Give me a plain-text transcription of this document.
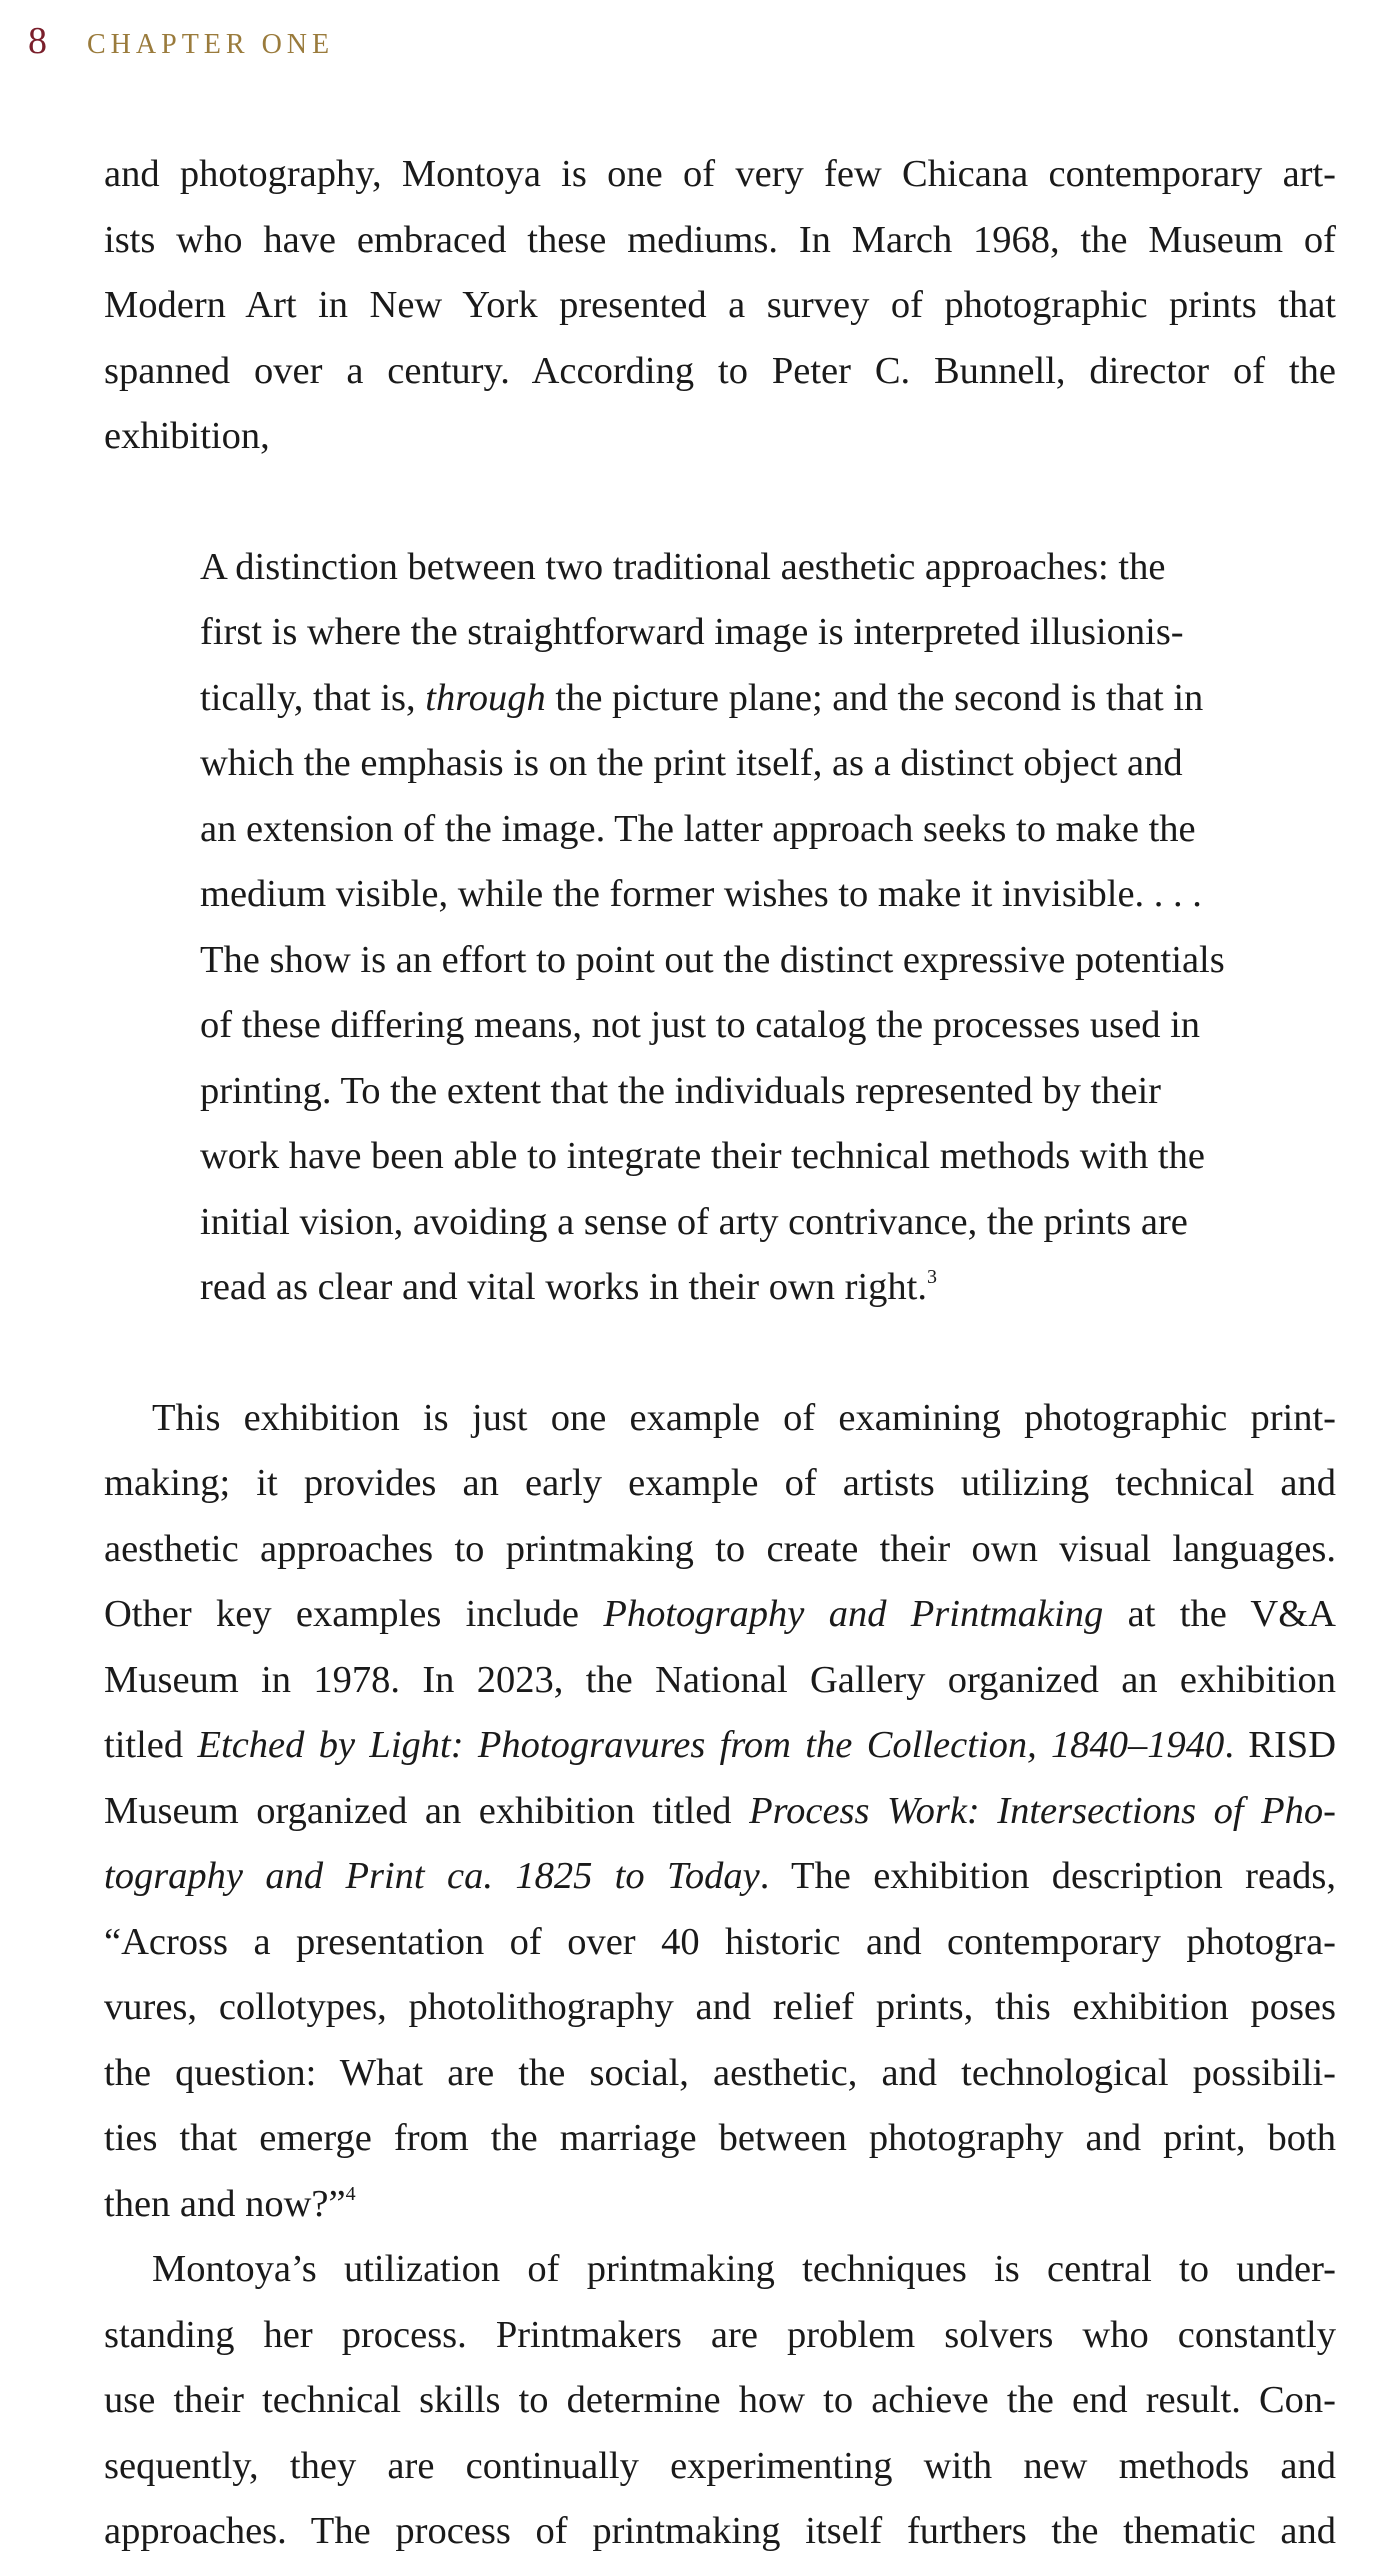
8 CHAPTER ONE

and photography, Montoya is one of very few Chicana contemporary art-
ists who have embraced these mediums. In March 1968, the Museum of
Modern Art in New York presented a survey of photographic prints that
spanned over a century. According to Peter C. Bunnell, director of the
exhibition,

A distinction between two traditional aesthetic approaches: the
first is where the straightforward image is interpreted illusionis-
tically, that is, through the picture plane; and the second is that in
which the emphasis is on the print itself, as a distinct object and
an extension of the image. The latter approach seeks to make the
medium visible, while the former wishes to make it invisible. . . .
The show is an effort to point out the distinct expressive potentials
of these differing means, not just to catalog the processes used in
printing. To the extent that the individuals represented by their
work have been able to integrate their technical methods with the
initial vision, avoiding a sense of arty contrivance, the prints are
read as clear and vital works in their own right.$^3$

This exhibition is just one example of examining photographic print-
making; it provides an early example of artists utilizing technical and
aesthetic approaches to printmaking to create their own visual languages.
Other key examples include Photography and Printmaking at the V&A
Museum in 1978. In 2023, the National Gallery organized an exhibition
titled Etched by Light: Photogravures from the Collection, 1840–1940. RISD
Museum organized an exhibition titled Process Work: Intersections of Pho-
tography and Print ca. 1825 to Today. The exhibition description reads,
“Across a presentation of over 40 historic and contemporary photogra-
vures, collotypes, photolithography and relief prints, this exhibition poses
the question: What are the social, aesthetic, and technological possibili-
ties that emerge from the marriage between photography and print, both
then and now?”$^4$

Montoya’s utilization of printmaking techniques is central to under-
standing her process. Printmakers are problem solvers who constantly
use their technical skills to determine how to achieve the end result. Con-
sequently, they are continually experimenting with new methods and
approaches. The process of printmaking itself furthers the thematic and
